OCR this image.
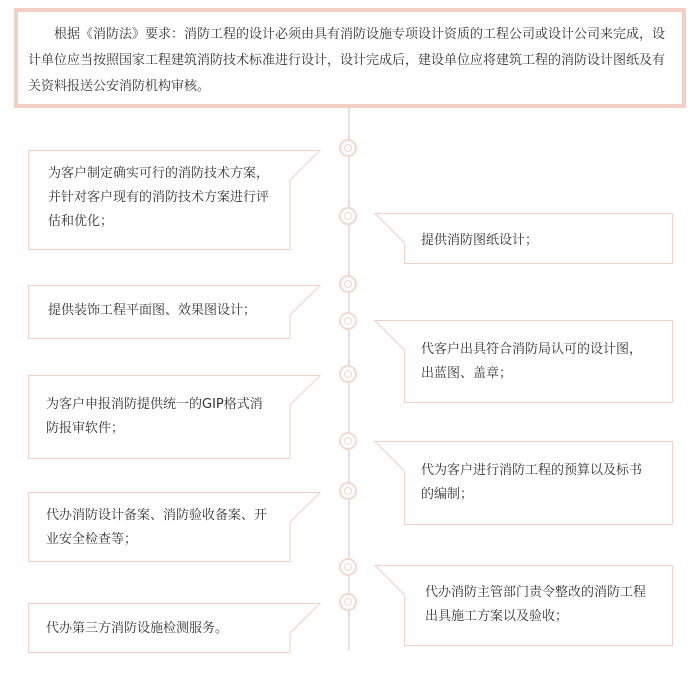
根据《消防法》要求：消防工程的设计必须由具有消防设施专项设计资质的工程公司或设计公司来完成，设计单位应当按照国家工程建筑消防技术标准进行设计，设计完成后，建设单位应将建筑工程的消防设计图纸及有关资料报送公安消防机构审核。

为客户制定确实可行的消防技术方案，并针对客户现有的消防技术方案进行评估和优化；

提供装饰工程平面图、效果图设计；

为客户申报消防提供统一的GIP格式消防报审软件；

代办消防设计备案、消防验收备案、开业安全检查等；

代办第三方消防设施检测服务。

提供消防图纸设计；

代客户出具符合消防局认可的设计图，出蓝图、盖章；

代为客户进行消防工程的预算以及标书的编制；

代办消防主管部门责令整改的消防工程出具施工方案以及验收；
